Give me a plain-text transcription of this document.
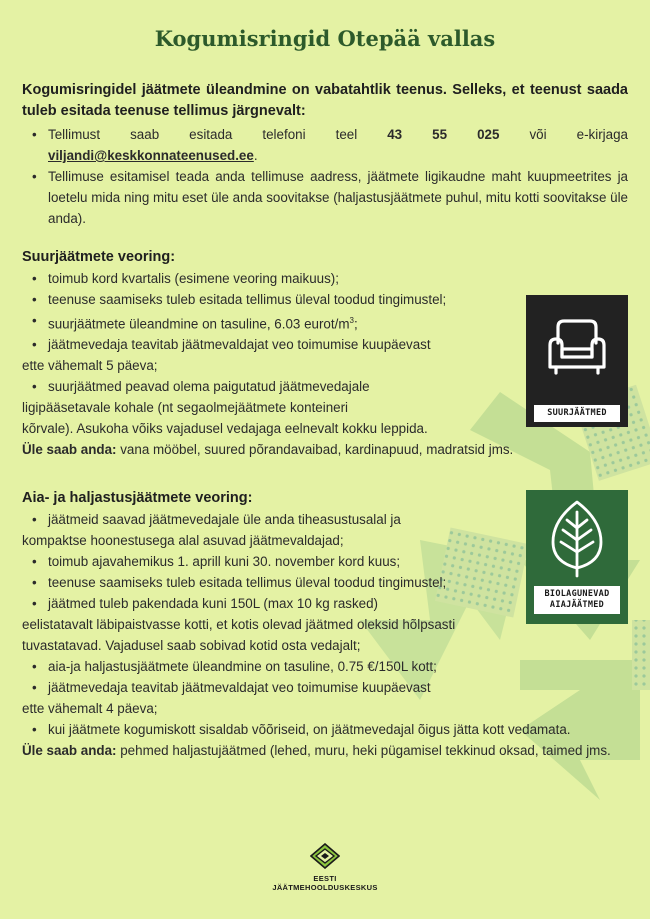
Kogumisringid Otepää vallas
Kogumisringidel jäätmete üleandmine on vabatahtlik teenus. Selleks, et teenust saada tuleb esitada teenuse tellimus järgnevalt:
• Tellimust saab esitada telefoni teel 43 55 025 või e-kirjaga
viljandi@keskkonnateenused.ee.
• Tellimuse esitamisel teada anda tellimuse aadress, jäätmete ligikaudne maht kuupmeetrites ja loetelu mida ning mitu eset üle anda soovitakse (haljastusjäätmete puhul, mitu kotti soovitakse üle anda).
Suurjäätmete veoring:
• toimub kord kvartalis (esimene veoring maikuus);
• teenuse saamiseks tuleb esitada tellimus üleval toodud tingimustel;
• suurjäätmete üleandmine on tasuline, 6.03 eurot/$m^3$;
• jäätmevedaja teavitab jäätmevaldajat veo toimumise kuupäevast
ette vähemalt 5 päeva;
• suurjäätmed peavad olema paigutatud jäätmevedajale
ligipääsetavale kohale (nt segaolmejäätmete konteineri
kõrvale). Asukoha võiks vajadusel vedajaga eelnevalt kokku leppida.
Üle saab anda: vana mööbel, suured põrandavaibad, kardinapuud, madratsid jms.
SUURJÄÄTMED
Aia- ja haljastusjäätmete veoring:
• jäätmeid saavad jäätmevedajale üle anda tiheasustusalal ja
kompaktse hoonestusega alal asuvad jäätmevaldajad;
• toimub ajavahemikus 1. aprill kuni 30. november kord kuus;
• teenuse saamiseks tuleb esitada tellimus üleval toodud tingimustel;
• jäätmed tuleb pakendada kuni 150L (max 10 kg rasked)
eelistatavalt läbipaistvasse kotti, et kotis olevad jäätmed oleksid hõlpsasti
tuvastatavad. Vajadusel saab sobivad kotid osta vedajalt;
• aia-ja haljastusjäätmete üleandmine on tasuline, 0.75 €/150L kott;
• jäätmevedaja teavitab jäätmevaldajat veo toimumise kuupäevast
ette vähemalt 4 päeva;
• kui jäätmete kogumiskott sisaldab võõriseid, on jäätmevedajal õigus jätta kott vedamata.
Üle saab anda: pehmed haljastujäätmed (lehed, muru, heki pügamisel tekkinud oksad, taimed jms.
BIOLAGUNEVAD AIAJÄÄTMED
EESTI
JÄÄTMEHOOLDUSKESKUS
